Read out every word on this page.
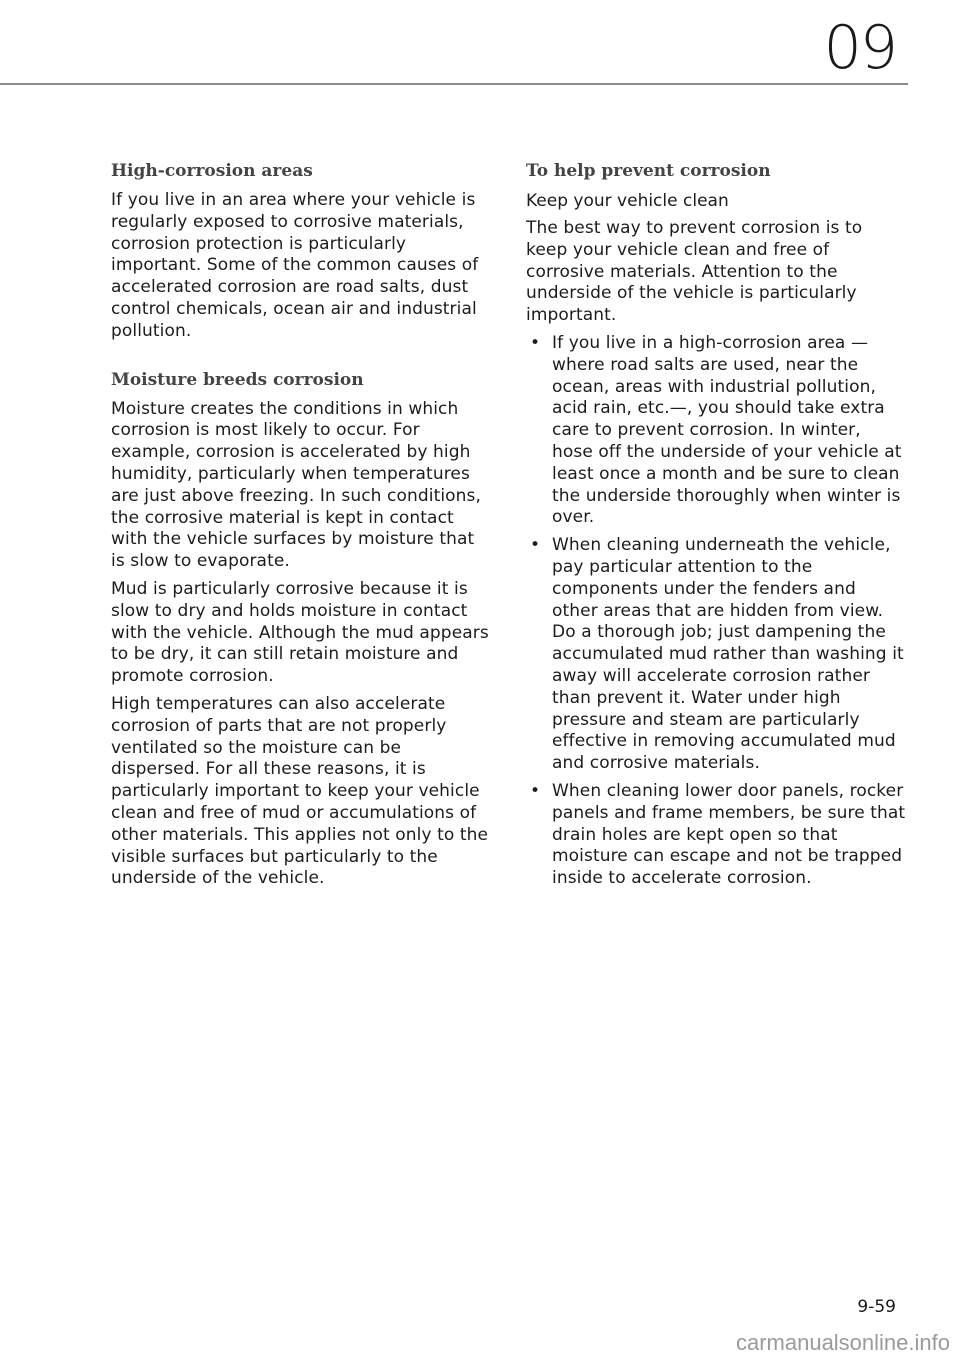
09
High-corrosion areas

If you live in an area where your vehicle is regularly exposed to corrosive materials, corrosion protection is particularly important. Some of the common causes of accelerated corrosion are road salts, dust control chemicals, ocean air and industrial pollution.

Moisture breeds corrosion

Moisture creates the conditions in which corrosion is most likely to occur. For example, corrosion is accelerated by high humidity, particularly when temperatures are just above freezing. In such conditions, the corrosive material is kept in contact with the vehicle surfaces by moisture that is slow to evaporate.

Mud is particularly corrosive because it is slow to dry and holds moisture in contact with the vehicle. Although the mud appears to be dry, it can still retain moisture and promote corrosion.

High temperatures can also accelerate corrosion of parts that are not properly ventilated so the moisture can be dispersed. For all these reasons, it is particularly important to keep your vehicle clean and free of mud or accumulations of other materials. This applies not only to the visible surfaces but particularly to the underside of the vehicle.

To help prevent corrosion
Keep your vehicle clean

The best way to prevent corrosion is to keep your vehicle clean and free of corrosive materials. Attention to the underside of the vehicle is particularly important.

• If you live in a high-corrosion area — where road salts are used, near the ocean, areas with industrial pollution, acid rain, etc.—, you should take extra care to prevent corrosion. In winter, hose off the underside of your vehicle at least once a month and be sure to clean the underside thoroughly when winter is over.
• When cleaning underneath the vehicle, pay particular attention to the components under the fenders and other areas that are hidden from view. Do a thorough job; just dampening the accumulated mud rather than washing it away will accelerate corrosion rather than prevent it. Water under high pressure and steam are particularly effective in removing accumulated mud and corrosive materials.
• When cleaning lower door panels, rocker panels and frame members, be sure that drain holes are kept open so that moisture can escape and not be trapped inside to accelerate corrosion.
9-59
carmanualsonline.info
